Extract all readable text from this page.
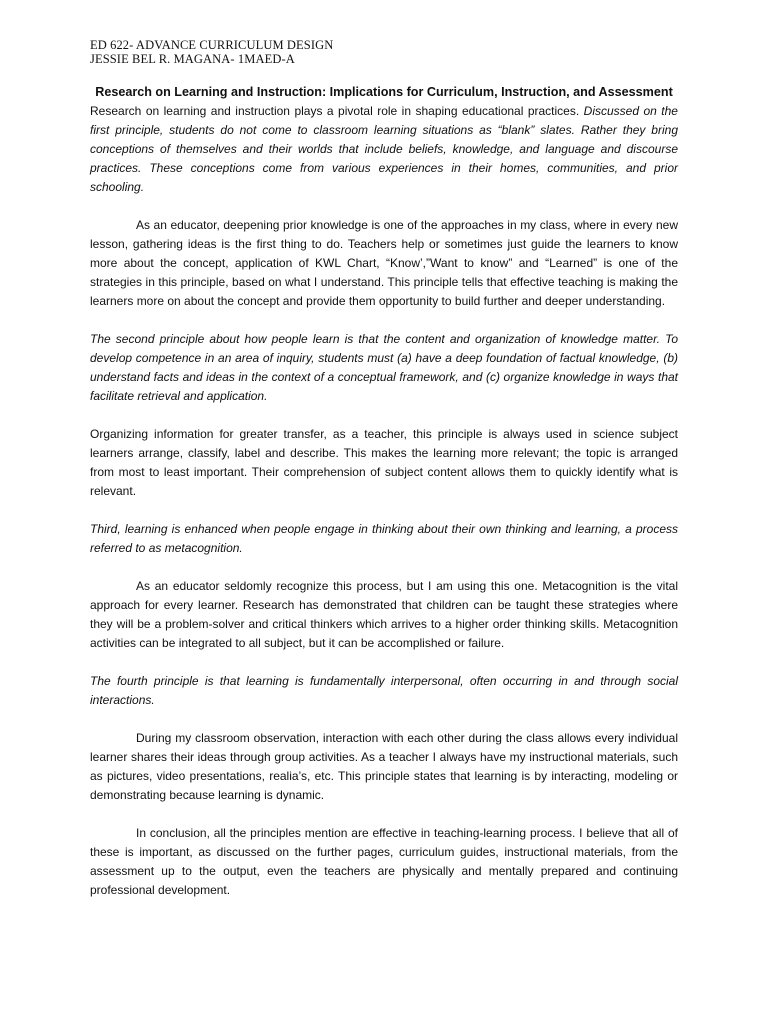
ED 622- ADVANCE CURRICULUM DESIGN
JESSIE BEL R. MAGANA- 1MAED-A
Research on Learning and Instruction: Implications for Curriculum, Instruction, and Assessment

Research on learning and instruction plays a pivotal role in shaping educational practices. Discussed on the first principle, students do not come to classroom learning situations as “blank” slates. Rather they bring conceptions of themselves and their worlds that include beliefs, knowledge, and language and discourse practices. These conceptions come from various experiences in their homes, communities, and prior schooling.

As an educator, deepening prior knowledge is one of the approaches in my class, where in every new lesson, gathering ideas is the first thing to do. Teachers help or sometimes just guide the learners to know more about the concept, application of KWL Chart, “Know’,”Want to know” and “Learned” is one of the strategies in this principle, based on what I understand. This principle tells that effective teaching is making the learners more on about the concept and provide them opportunity to build further and deeper understanding.

The second principle about how people learn is that the content and organization of knowledge matter. To develop competence in an area of inquiry, students must (a) have a deep foundation of factual knowledge, (b) understand facts and ideas in the context of a conceptual framework, and (c) organize knowledge in ways that facilitate retrieval and application.

Organizing information for greater transfer, as a teacher, this principle is always used in science subject learners arrange, classify, label and describe. This makes the learning more relevant; the topic is arranged from most to least important. Their comprehension of subject content allows them to quickly identify what is relevant.

Third, learning is enhanced when people engage in thinking about their own thinking and learning, a process referred to as metacognition.

As an educator seldomly recognize this process, but I am using this one. Metacognition is the vital approach for every learner. Research has demonstrated that children can be taught these strategies where they will be a problem-solver and critical thinkers which arrives to a higher order thinking skills. Metacognition activities can be integrated to all subject, but it can be accomplished or failure.

The fourth principle is that learning is fundamentally interpersonal, often occurring in and through social interactions.

During my classroom observation, interaction with each other during the class allows every individual learner shares their ideas through group activities. As a teacher I always have my instructional materials, such as pictures, video presentations, realia’s, etc. This principle states that learning is by interacting, modeling or demonstrating because learning is dynamic.

In conclusion, all the principles mention are effective in teaching-learning process. I believe that all of these is important, as discussed on the further pages, curriculum guides, instructional materials, from the assessment up to the output, even the teachers are physically and mentally prepared and continuing professional development.
